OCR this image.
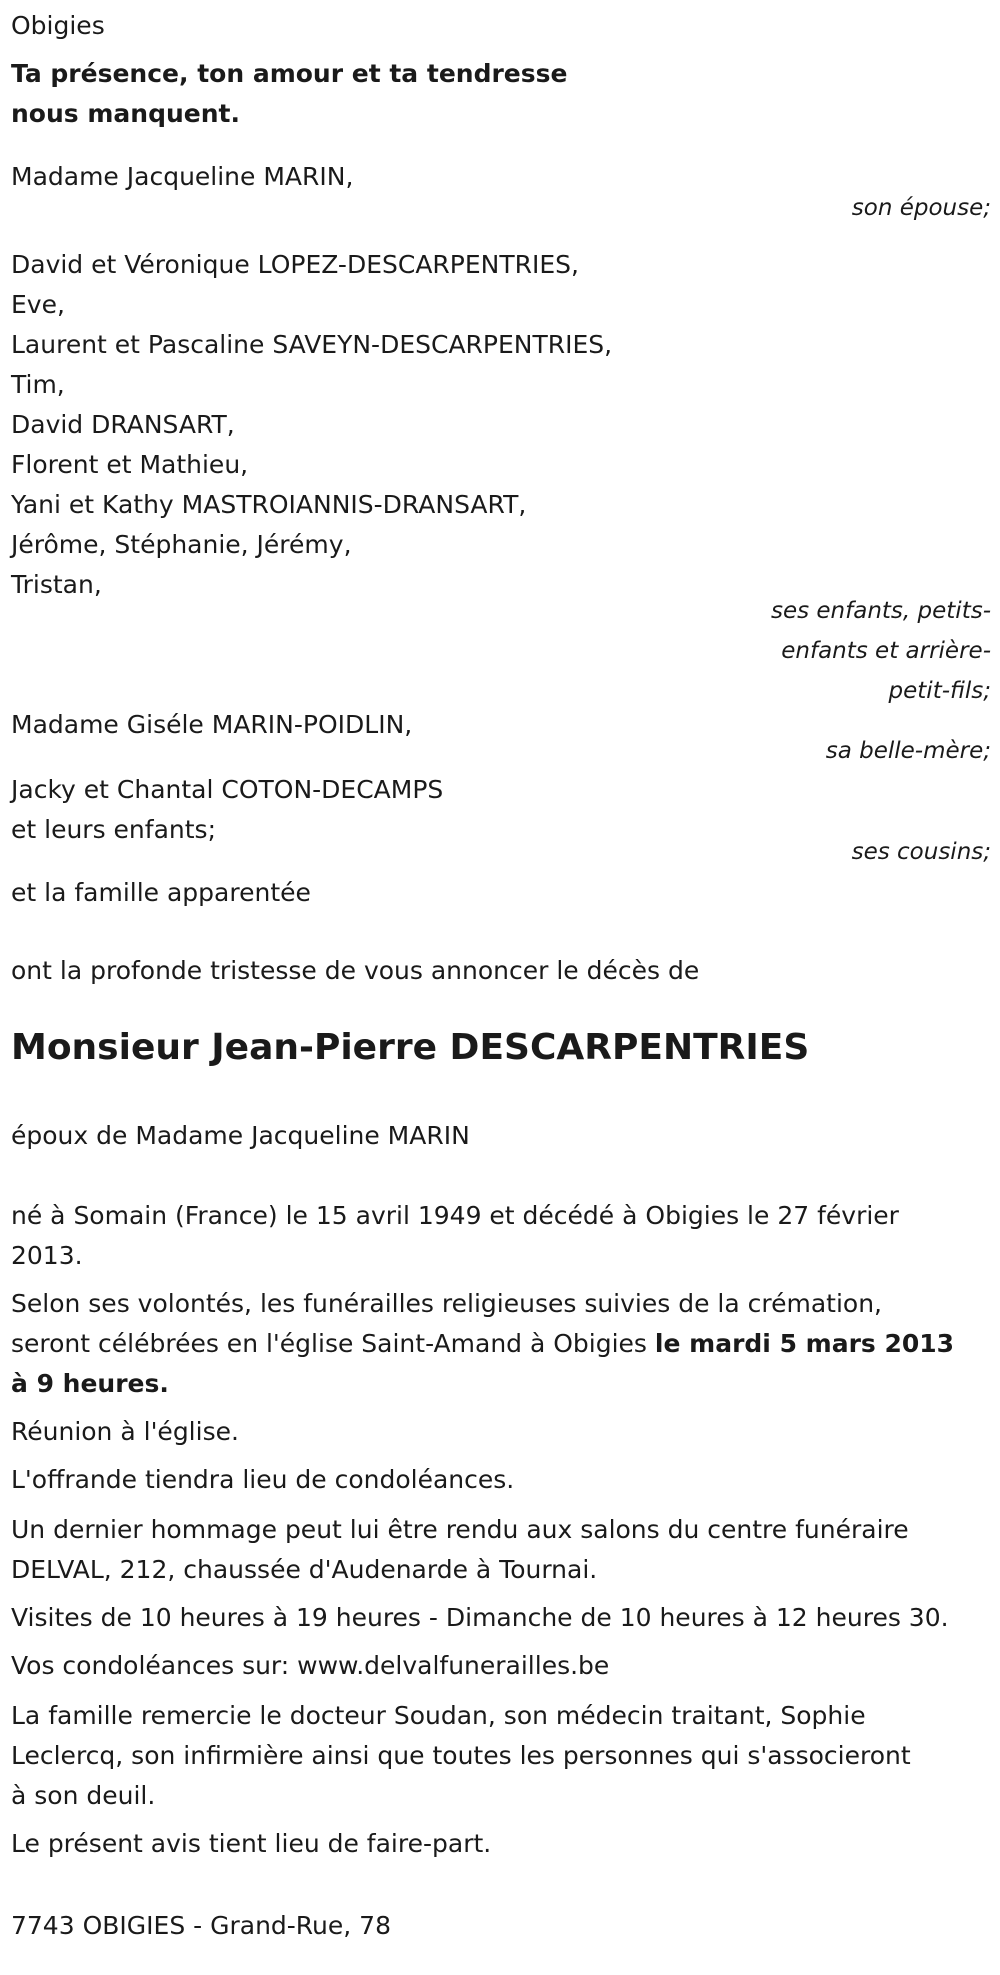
Obigies
Ta présence, ton amour et ta tendresse
nous manquent.
Madame Jacqueline MARIN,
son épouse;
David et Véronique LOPEZ-DESCARPENTRIES,
Eve,
Laurent et Pascaline SAVEYN-DESCARPENTRIES,
Tim,
David DRANSART,
Florent et Mathieu,
Yani et Kathy MASTROIANNIS-DRANSART,
Jérôme, Stéphanie, Jérémy,
Tristan,
ses enfants, petits-
enfants et arrière-
petit-fils;
Madame Giséle MARIN-POIDLIN,
sa belle-mère;
Jacky et Chantal COTON-DECAMPS
et leurs enfants;
ses cousins;
et la famille apparentée
ont la profonde tristesse de vous annoncer le décès de
Monsieur Jean-Pierre DESCARPENTRIES
époux de Madame Jacqueline MARIN
né à Somain (France) le 15 avril 1949 et décédé à Obigies le 27 février
2013.
Selon ses volontés, les funérailles religieuses suivies de la crémation,
seront célébrées en l'église Saint-Amand à Obigies le mardi 5 mars 2013
à 9 heures.
Réunion à l'église.
L'offrande tiendra lieu de condoléances.
Un dernier hommage peut lui être rendu aux salons du centre funéraire
DELVAL, 212, chaussée d'Audenarde à Tournai.
Visites de 10 heures à 19 heures - Dimanche de 10 heures à 12 heures 30.
Vos condoléances sur: www.delvalfunerailles.be
La famille remercie le docteur Soudan, son médecin traitant, Sophie
Leclercq, son infirmière ainsi que toutes les personnes qui s'associeront
à son deuil.
Le présent avis tient lieu de faire-part.
7743 OBIGIES - Grand-Rue, 78
